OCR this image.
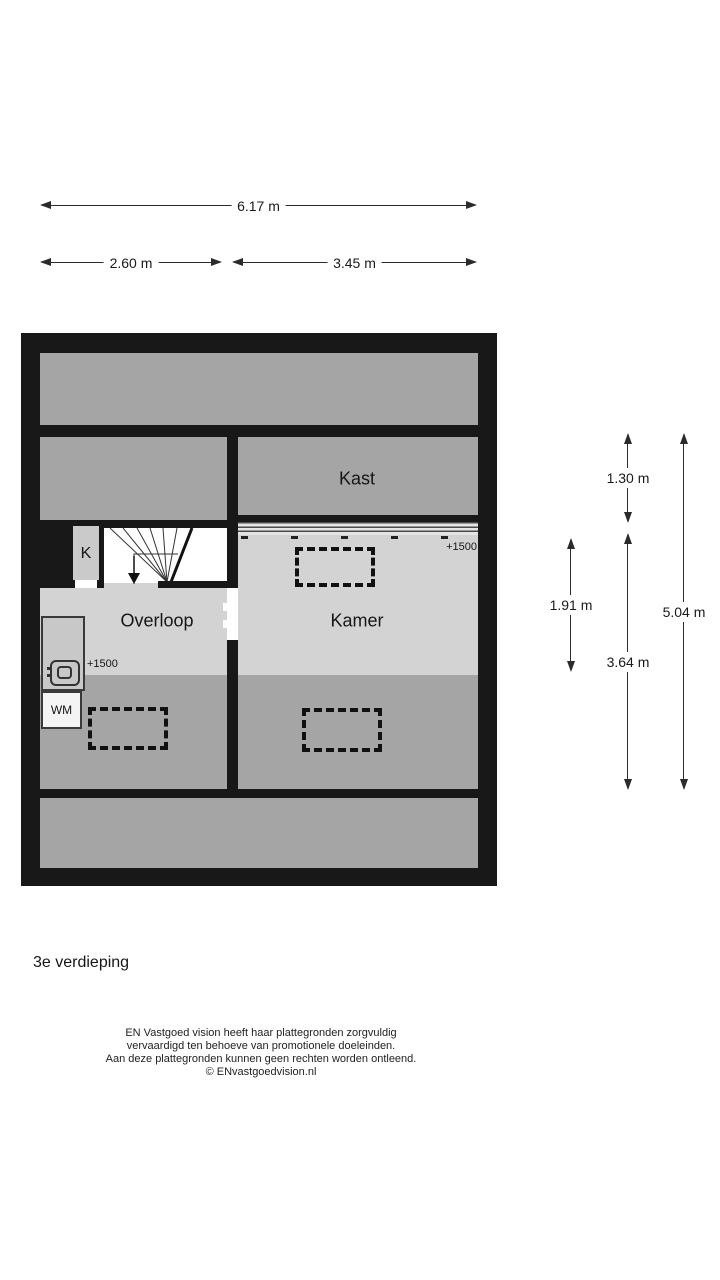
6.17 m
2.60 m	3.45 m
K
WM
Kast
Overloop	Kamer
+1500
+1500
1.91 m
1.30 m
3.64 m
5.04 m
3e verdieping
EN Vastgoed vision heeft haar plattegronden zorgvuldig
vervaardigd ten behoeve van promotionele doeleinden.
Aan deze plattegronden kunnen geen rechten worden ontleend.
© ENvastgoedvision.nl
